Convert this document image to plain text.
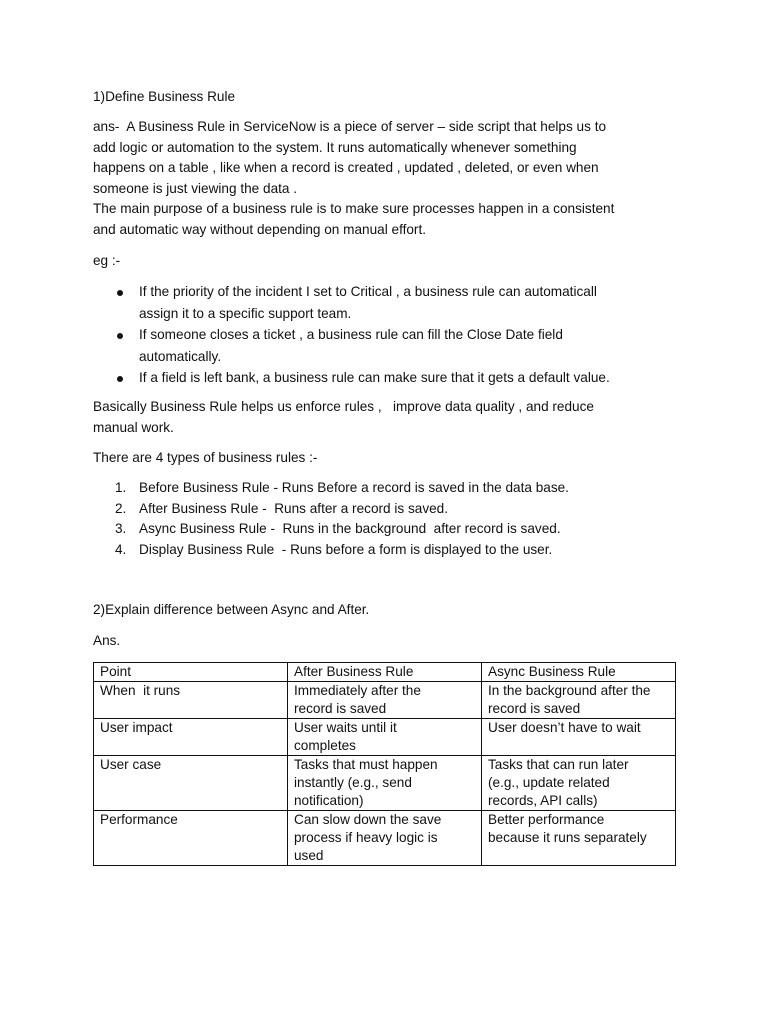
1)Define Business Rule
ans-  A Business Rule in ServiceNow is a piece of server – side script that helps us to
add logic or automation to the system. It runs automatically whenever something
happens on a table , like when a record is created , updated , deleted, or even when
someone is just viewing the data .
The main purpose of a business rule is to make sure processes happen in a consistent
and automatic way without depending on manual effort.
eg :-
If the priority of the incident I set to Critical , a business rule can automaticall
assign it to a specific support team.
If someone closes a ticket , a business rule can fill the Close Date field
automatically.
If a field is left bank, a business rule can make sure that it gets a default value.
Basically Business Rule helps us enforce rules ,   improve data quality , and reduce
manual work.
There are 4 types of business rules :-
1. Before Business Rule - Runs Before a record is saved in the data base.
2. After Business Rule -  Runs after a record is saved.
3. Async Business Rule -  Runs in the background  after record is saved.
4. Display Business Rule  - Runs before a form is displayed to the user.
2)Explain difference between Async and After.
Ans.
Point	After Business Rule	Async Business Rule

When  it runs	Immediately after the
record is saved	In the background after the
record is saved

User impact	User waits until it
completes	User doesn’t have to wait

User case	Tasks that must happen
instantly (e.g., send
notification)	Tasks that can run later
(e.g., update related
records, API calls)

Performance	Can slow down the save
process if heavy logic is
used	Better performance
because it runs separately
